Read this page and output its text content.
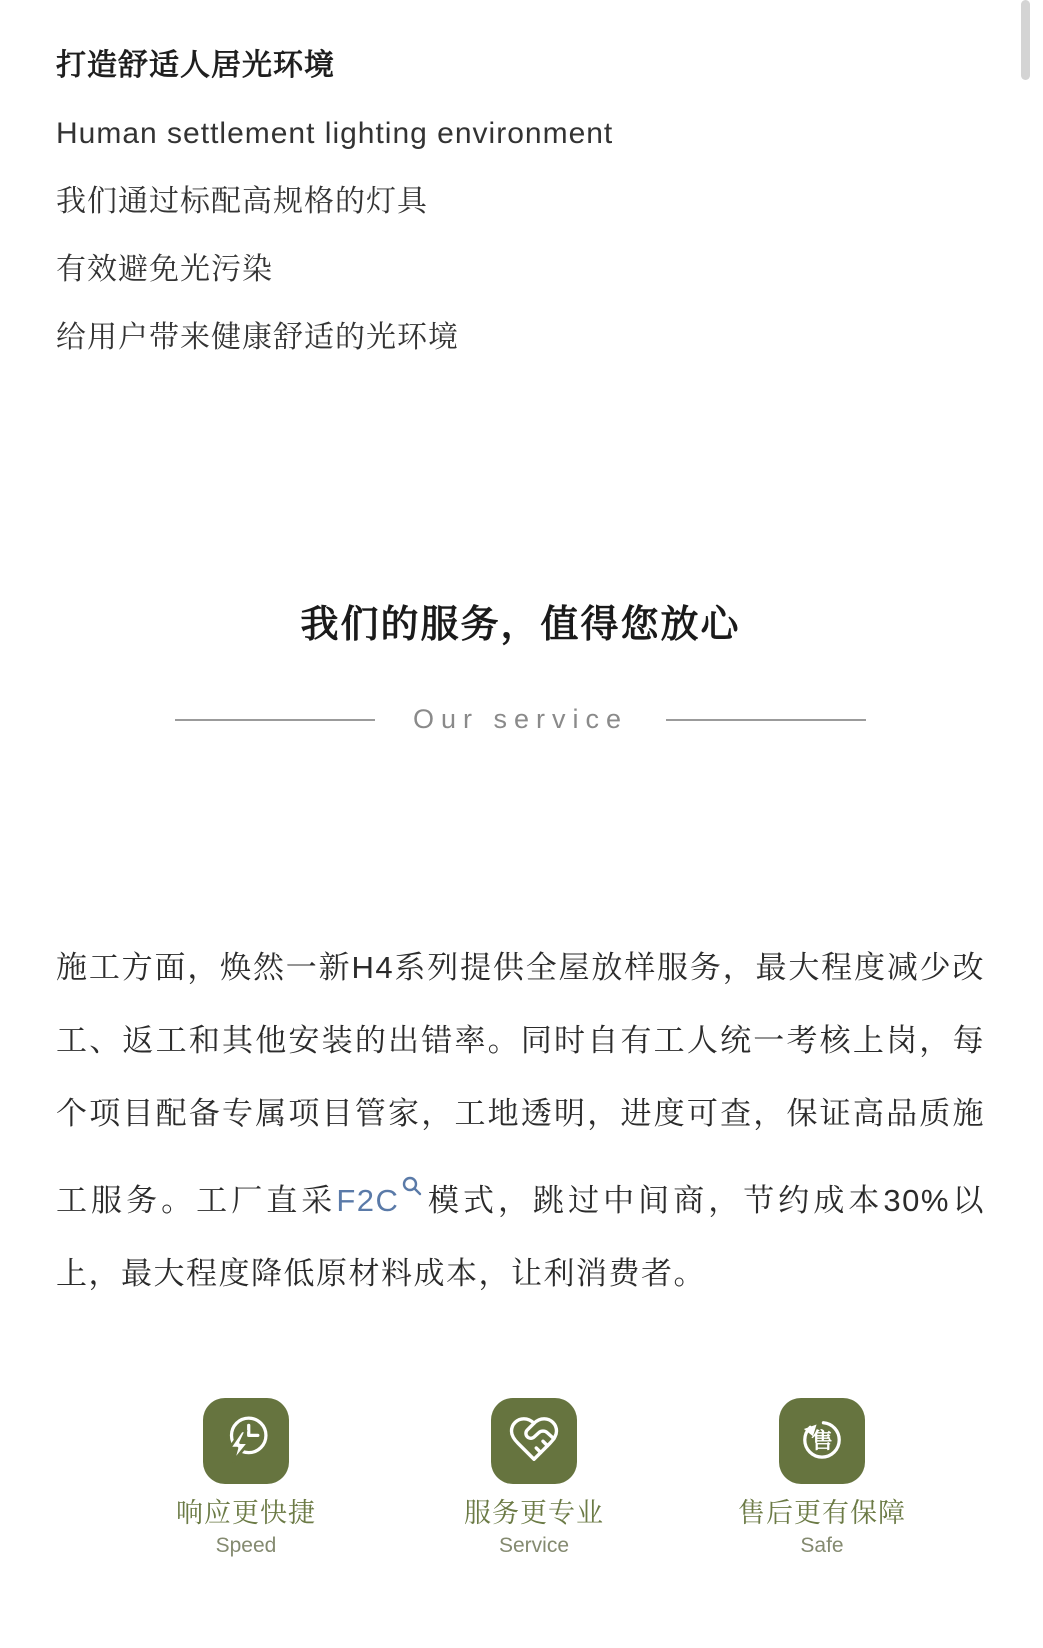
打造舒适人居光环境

Human settlement lighting environment

我们通过标配高规格的灯具

有效避免光污染

给用户带来健康舒适的光环境

我们的服务，值得您放心
Our service

施工方面，焕然一新H4系列提供全屋放样服务，最大程度减少改工、返工和其他安装的出错率。同时自有工人统一考核上岗，每个项目配备专属项目管家，工地透明，进度可查，保证高品质施工服务。工厂直采F2C 模式，跳过中间商，节约成本30%以上，最大程度降低原材料成本，让利消费者。

响应更快捷
Speed
服务更专业
Service
售
售后更有保障
Safe
